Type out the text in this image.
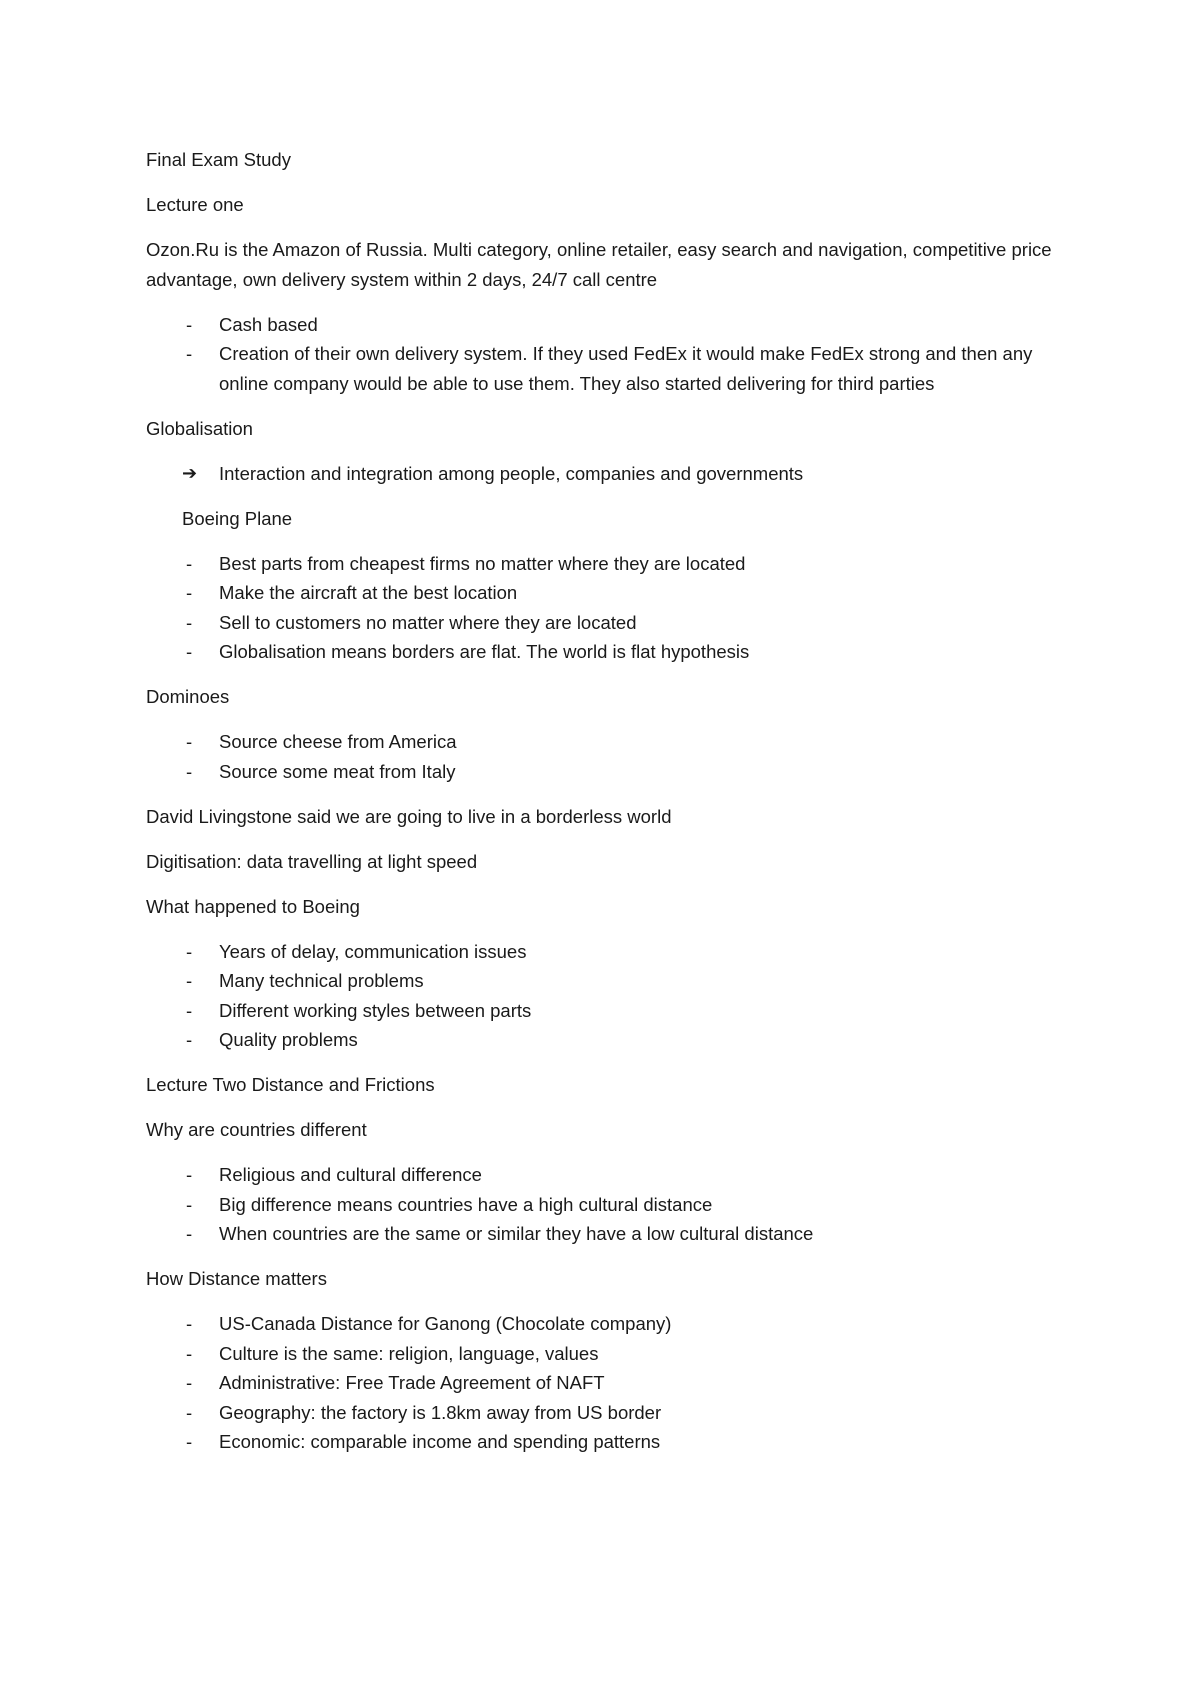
Final Exam Study

Lecture one

Ozon.Ru is the Amazon of Russia. Multi category, online retailer, easy search and navigation, competitive price advantage, own delivery system within 2 days, 24/7 call centre

- Cash based
- Creation of their own delivery system. If they used FedEx it would make FedEx strong and then any online company would be able to use them. They also started delivering for third parties

Globalisation

➔ Interaction and integration among people, companies and governments

Boeing Plane

- Best parts from cheapest firms no matter where they are located
- Make the aircraft at the best location
- Sell to customers no matter where they are located
- Globalisation means borders are flat. The world is flat hypothesis

Dominoes

- Source cheese from America
- Source some meat from Italy

David Livingstone said we are going to live in a borderless world

Digitisation: data travelling at light speed

What happened to Boeing

- Years of delay, communication issues
- Many technical problems
- Different working styles between parts
- Quality problems

Lecture Two Distance and Frictions

Why are countries different

- Religious and cultural difference
- Big difference means countries have a high cultural distance
- When countries are the same or similar they have a low cultural distance

How Distance matters

- US-Canada Distance for Ganong (Chocolate company)
- Culture is the same: religion, language, values
- Administrative: Free Trade Agreement of NAFT
- Geography: the factory is 1.8km away from US border
- Economic: comparable income and spending patterns
